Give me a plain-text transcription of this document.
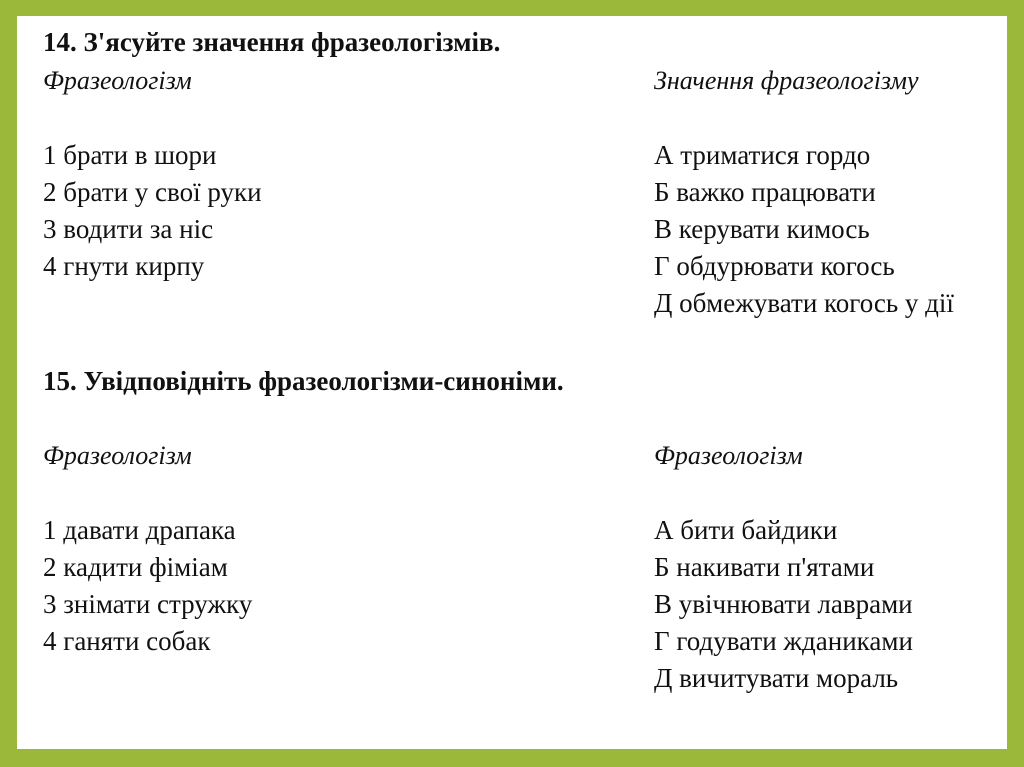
14. З'ясуйте значення фразеологізмів.
Фразеологізм	Значення фразеологізму
1 брати в шори
2 брати у свої руки
3 водити за ніс
4 гнути кирпу
А триматися гордо
Б важко працювати
В керувати кимось
Г обдурювати когось
Д обмежувати когось у дії
15. Увідповідніть фразеологізми-синоніми.
Фразеологізм	Фразеологізм
1 давати драпака
2 кадити фіміам
3 знімати стружку
4 ганяти собак
А бити байдики
Б накивати п'ятами
В увічнювати лаврами
Г годувати жданиками
Д вичитувати мораль
